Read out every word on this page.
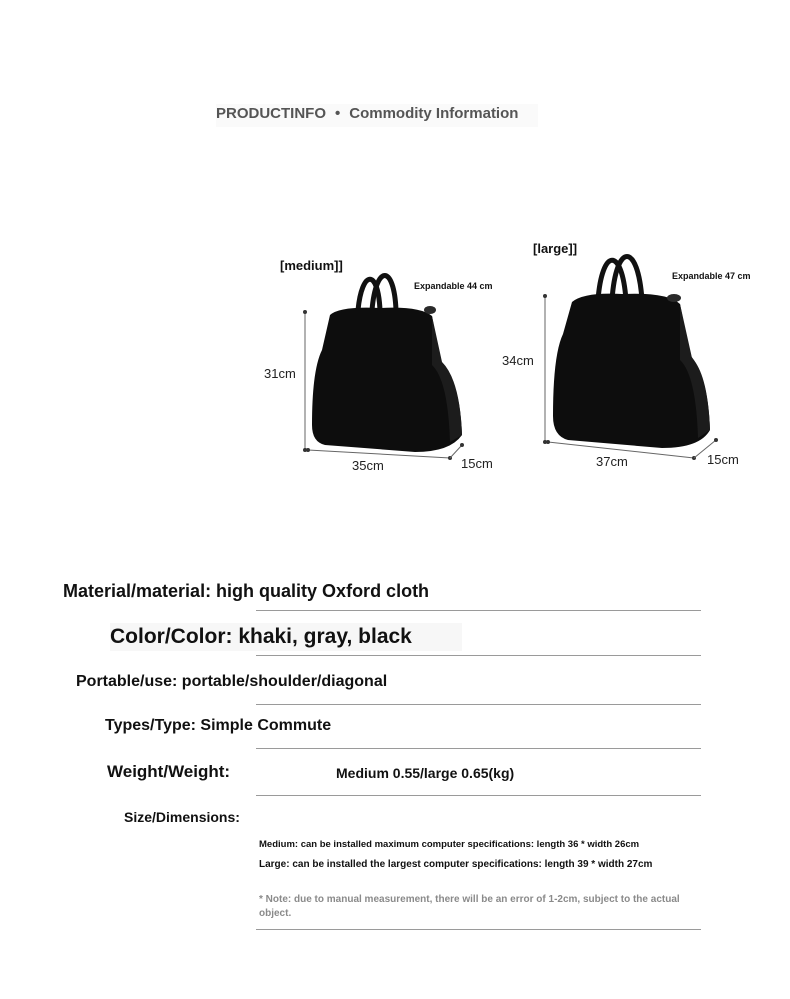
PRODUCTINFO • Commodity Information
[medium]]
Expandable 44 cm
31cm
35cm	15cm
[large]]
Expandable 47 cm
34cm
37cm	15cm
Material/material: high quality Oxford cloth
Color/Color: khaki, gray, black
Portable/use: portable/shoulder/diagonal
Types/Type: Simple Commute
Weight/Weight:	Medium 0.55/large 0.65(kg)
Size/Dimensions:
Medium: can be installed maximum computer specifications: length 36 * width 26cm
Large: can be installed the largest computer specifications: length 39 * width 27cm
* Note: due to manual measurement, there will be an error of 1-2cm, subject to the actual object.
